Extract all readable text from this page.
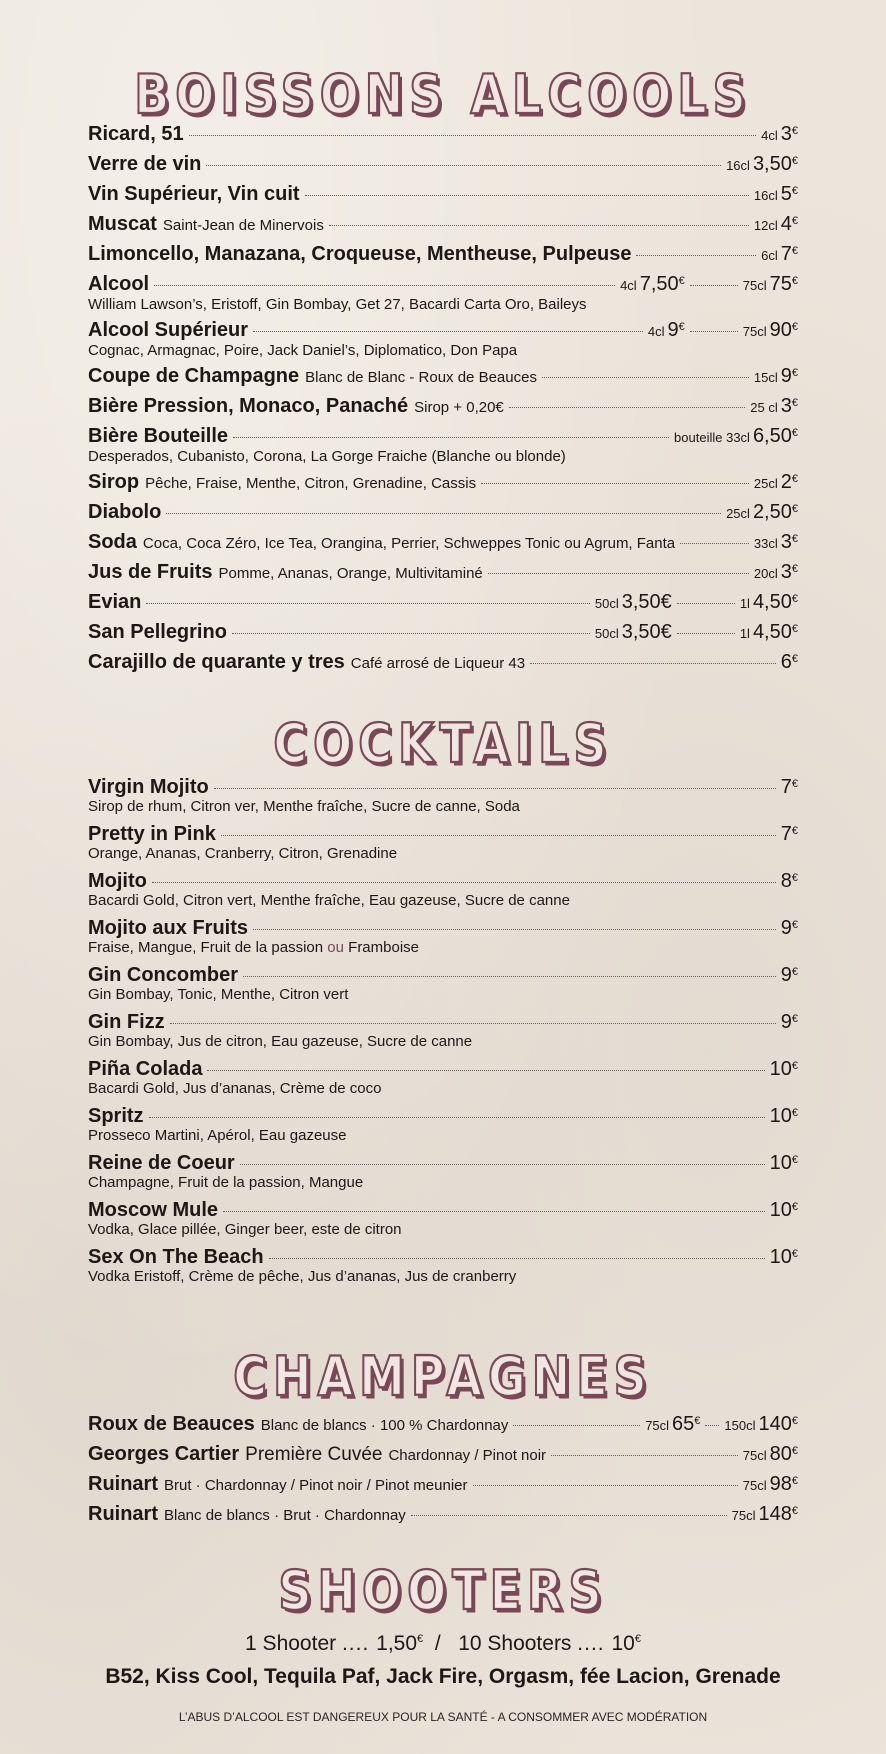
BOISSONS ALCOOLS
Ricard, 51	4cl 3€
Verre de vin	16cl 3,50€
Vin Supérieur, Vin cuit	16cl 5€
Muscat Saint-Jean de Minervois	12cl 4€
Limoncello, Manazana, Croqueuse, Mentheuse, Pulpeuse	6cl 7€
Alcool	4cl 7,50€	75cl 75€
William Lawson’s, Eristoff, Gin Bombay, Get 27, Bacardi Carta Oro, Baileys
Alcool Supérieur	4cl 9€	75cl 90€
Cognac, Armagnac, Poire, Jack Daniel’s, Diplomatico, Don Papa
Coupe de Champagne Blanc de Blanc - Roux de Beauces	15cl 9€
Bière Pression, Monaco, Panaché Sirop + 0,20€	25 cl 3€
Bière Bouteille	bouteille 33cl 6,50€
Desperados, Cubanisto, Corona, La Gorge Fraiche (Blanche ou blonde)
Sirop Pêche, Fraise, Menthe, Citron, Grenadine, Cassis	25cl 2€
Diabolo	25cl 2,50€
Soda Coca, Coca Zéro, Ice Tea, Orangina, Perrier, Schweppes Tonic ou Agrum, Fanta	33cl 3€
Jus de Fruits Pomme, Ananas, Orange, Multivitaminé	20cl 3€
Evian	50cl 3,50€	1l 4,50€
San Pellegrino	50cl 3,50€	1l 4,50€
Carajillo de quarante y tres Café arrosé de Liqueur 43	6€
COCKTAILS
Virgin Mojito	7€
Sirop de rhum, Citron ver, Menthe fraîche, Sucre de canne, Soda
Pretty in Pink	7€
Orange, Ananas, Cranberry, Citron, Grenadine
Mojito	8€
Bacardi Gold, Citron vert, Menthe fraîche, Eau gazeuse, Sucre de canne
Mojito aux Fruits	9€
Fraise, Mangue, Fruit de la passion ou Framboise
Gin Concomber	9€
Gin Bombay, Tonic, Menthe, Citron vert
Gin Fizz	9€
Gin Bombay, Jus de citron, Eau gazeuse, Sucre de canne
Piña Colada	10€
Bacardi Gold, Jus d’ananas, Crème de coco
Spritz	10€
Prosseco Martini, Apérol, Eau gazeuse
Reine de Coeur	10€
Champagne, Fruit de la passion, Mangue
Moscow Mule	10€
Vodka, Glace pillée, Ginger beer, este de citron
Sex On The Beach	10€
Vodka Eristoff, Crème de pêche, Jus d’ananas, Jus de cranberry
CHAMPAGNES
Roux de Beauces Blanc de blancs · 100 % Chardonnay	75cl 65€ 150cl 140€
Georges Cartier Première Cuvée Chardonnay / Pinot noir	75cl 80€
Ruinart Brut · Chardonnay / Pinot noir / Pinot meunier	75cl 98€
Ruinart Blanc de blancs · Brut · Chardonnay	75cl 148€
SHOOTERS
1 Shooter .... 1,50€  /   10 Shooters .... 10€
B52, Kiss Cool, Tequila Paf, Jack Fire, Orgasm, fée Lacion, Grenade
L’ABUS D’ALCOOL EST DANGEREUX POUR LA SANTÉ - A CONSOMMER AVEC MODÉRATION
